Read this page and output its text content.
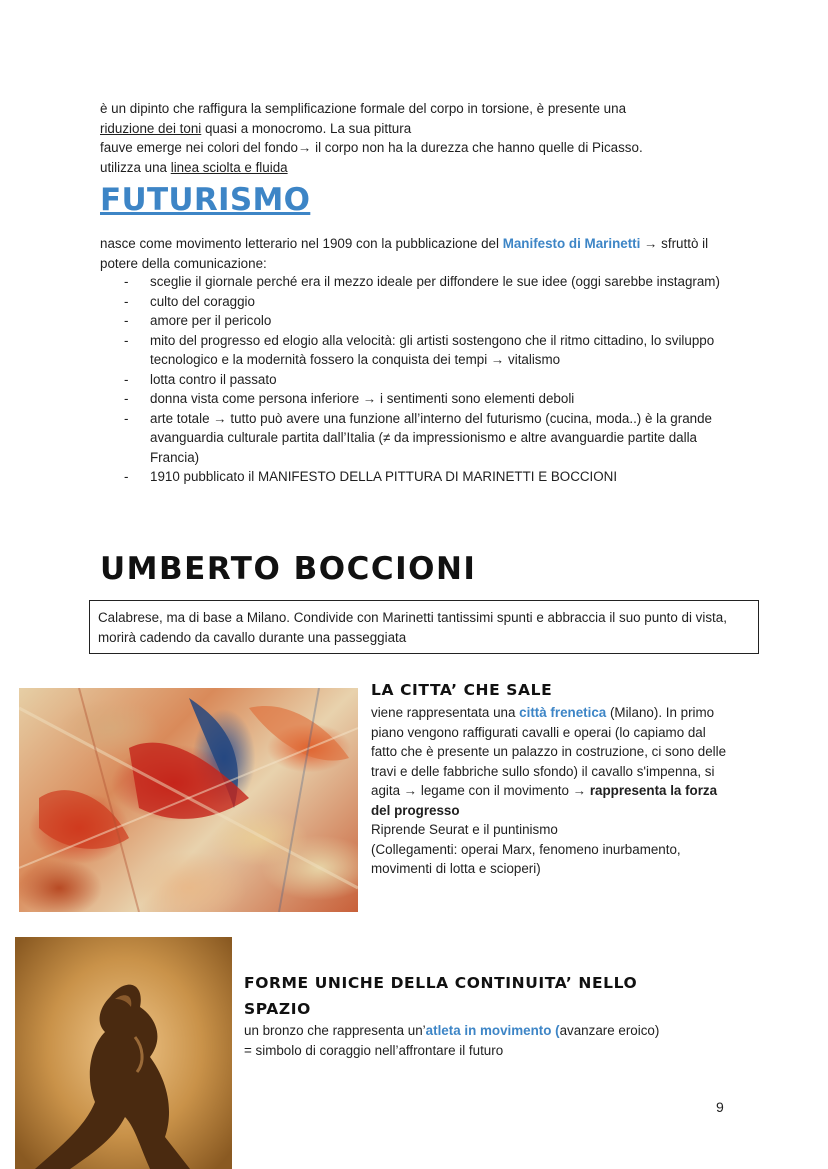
è un dipinto che raffigura la semplificazione formale del corpo in torsione, è presente una

riduzione dei toni quasi a monocromo. La sua pittura

fauve emerge nei colori del fondo→ il corpo non ha la durezza che hanno quelle di Picasso.

utilizza una linea sciolta e fluida

FUTURISMO

nasce come movimento letterario nel 1909 con la pubblicazione del Manifesto di Marinetti → sfruttò il potere della comunicazione:

- sceglie il giornale perché era il mezzo ideale per diffondere le sue idee (oggi sarebbe instagram)
- culto del coraggio
- amore per il pericolo
- mito del progresso ed elogio alla velocità: gli artisti sostengono che il ritmo cittadino, lo sviluppo tecnologico e la modernità fossero la conquista dei tempi → vitalismo
- lotta contro il passato
- donna vista come persona inferiore → i sentimenti sono elementi deboli
- arte totale → tutto può avere una funzione all’interno del futurismo (cucina, moda..) è la grande avanguardia culturale partita dall’Italia (≠ da impressionismo e altre avanguardie partite dalla Francia)
- 1910 pubblicato il MANIFESTO DELLA PITTURA DI MARINETTI E BOCCIONI
UMBERTO BOCCIONI
Calabrese, ma di base a Milano. Condivide con Marinetti tantissimi spunti e abbraccia il suo punto di vista, morirà cadendo da cavallo durante una passeggiata
LA CITTA’ CHE SALE

viene rappresentata una città frenetica (Milano). In primo piano vengono raffigurati cavalli e operai (lo capiamo dal fatto che è presente un palazzo in costruzione, ci sono delle travi e delle fabbriche sullo sfondo) il cavallo s'impenna, si agita → legame con il movimento → rappresenta la forza del progresso

Riprende Seurat e il puntinismo

(Collegamenti: operai Marx, fenomeno inurbamento, movimenti di lotta e scioperi)

FORME UNICHE DELLA CONTINUITA’ NELLO SPAZIO

un bronzo che rappresenta un’atleta in movimento (avanzare eroico)

= simbolo di coraggio nell’affrontare il futuro

9
